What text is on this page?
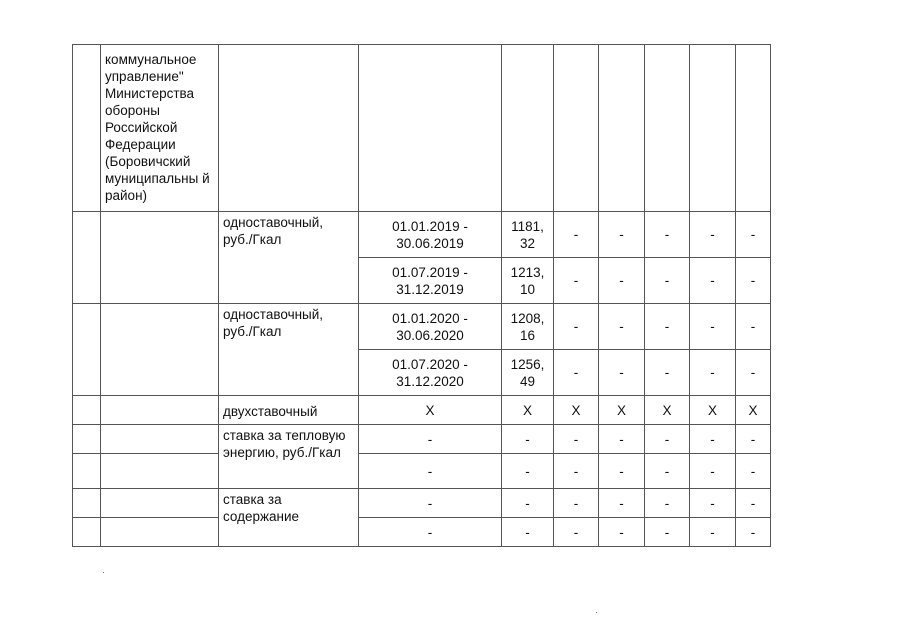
	коммунальное управление" Министерства обороны Российской Федерации (Боровичский муниципальны й район)								
		одноставочный, руб./Гкал	01.01.2019 - 30.06.2019	1181, 32	-	-	-	-	-
			01.07.2019 - 31.12.2019	1213, 10	-	-	-	-	-
		одноставочный, руб./Гкал	01.01.2020 - 30.06.2020	1208, 16	-	-	-	-	-
			01.07.2020 - 31.12.2020	1256, 49	-	-	-	-	-
		двухставочный	X	X	X	X	X	X	X
		ставка за тепловую энергию, руб./Гкал	-	-	-	-	-	-	-
			-	-	-	-	-	-	-
		ставка за содержание	-	-	-	-	-	-	-
			-	-	-	-	-	-	-
